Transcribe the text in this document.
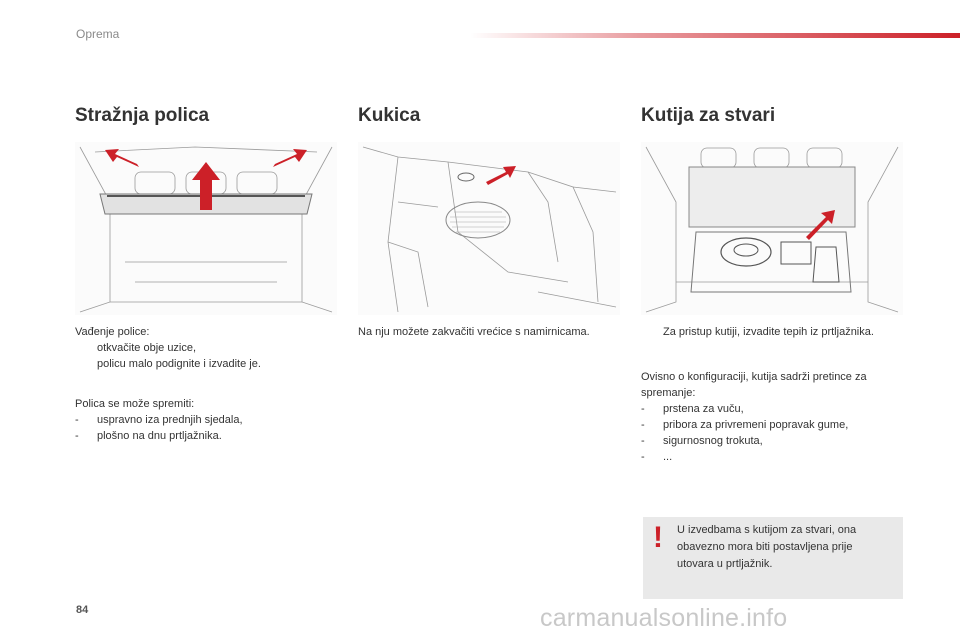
Oprema
Stražnja polica

Vađenje police:

otkvačite obje uzice,
policu malo podignite i izvadite je.

Polica se može spremiti:

-	uspravno iza prednjih sjedala,
-	plošno na dnu prtljažnika.
Kukica

Na nju možete zakvačiti vrećice s namirnicama.

Kutija za stvari
Za pristup kutiji, izvadite tepih iz prtljažnika.

Ovisno o konfiguraciji, kutija sadrži pretince za

spremanje:

-	prstena za vuču,
-	pribora za privremeni popravak gume,
-	sigurnosnog trokuta,
-	...
! U izvedbama s kutijom za stvari, ona

obavezno mora biti postavljena prije

utovara u prtljažnik.

84	carmanualsonline.info
